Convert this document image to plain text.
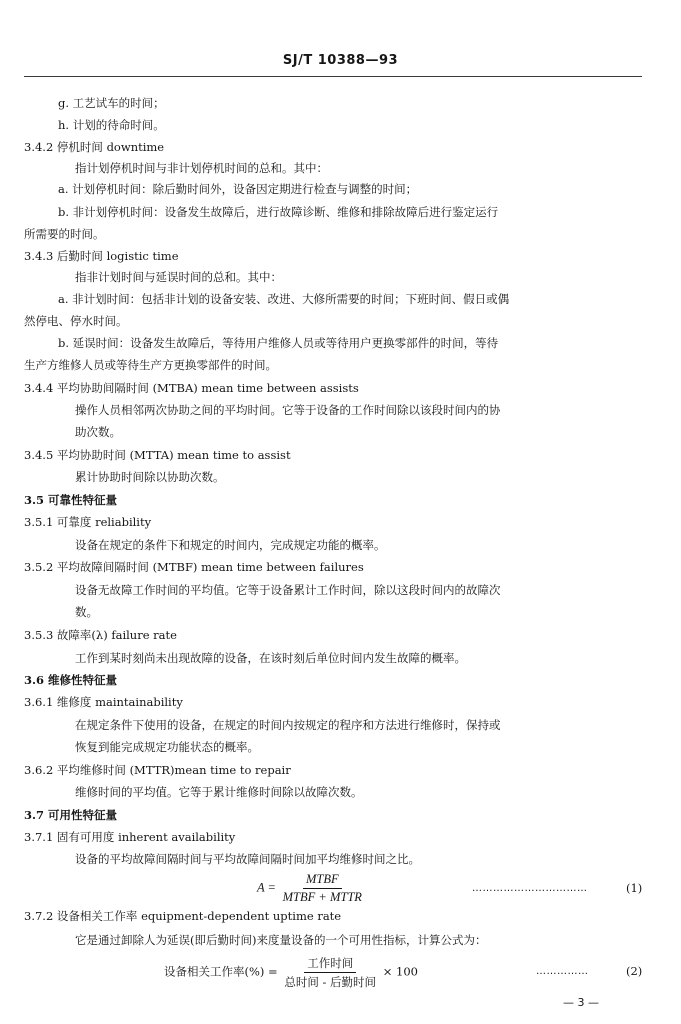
SJ/T 10388—93
g. 工艺试车的时间；
h. 计划的待命时间。
3.4.2 停机时间 downtime
指计划停机时间与非计划停机时间的总和。其中：
a. 计划停机时间：除后勤时间外，设备因定期进行检查与调整的时间；
b. 非计划停机时间：设备发生故障后，进行故障诊断、维修和排除故障后进行鉴定运行
所需要的时间。
3.4.3 后勤时间 logistic time
指非计划时间与延误时间的总和。其中：
a. 非计划时间：包括非计划的设备安装、改进、大修所需要的时间；下班时间、假日或偶
然停电、停水时间。
b. 延误时间：设备发生故障后，等待用户维修人员或等待用户更换零部件的时间，等待
生产方维修人员或等待生产方更换零部件的时间。
3.4.4 平均协助间隔时间 (MTBA) mean time between assists
操作人员相邻两次协助之间的平均时间。它等于设备的工作时间除以该段时间内的协
助次数。
3.4.5 平均协助时间 (MTTA) mean time to assist
累计协助时间除以协助次数。
3.5 可靠性特征量
3.5.1 可靠度 reliability
设备在规定的条件下和规定的时间内，完成规定功能的概率。
3.5.2 平均故障间隔时间 (MTBF) mean time between failures
设备无故障工作时间的平均值。它等于设备累计工作时间，除以这段时间内的故障次
数。
3.5.3 故障率(λ) failure rate
工作到某时刻尚未出现故障的设备，在该时刻后单位时间内发生故障的概率。
3.6 维修性特征量
3.6.1 维修度 maintainability
在规定条件下使用的设备，在规定的时间内按规定的程序和方法进行维修时，保持或
恢复到能完成规定功能状态的概率。
3.6.2 平均维修时间 (MTTR)mean time to repair
维修时间的平均值。它等于累计维修时间除以故障次数。
3.7 可用性特征量
3.7.1 固有可用度 inherent availability
设备的平均故障间隔时间与平均故障间隔时间加平均维修时间之比。
$A = \frac{\text{MTBF}}{\text{MTBF + MTTR}}$	……………………………	(1)
3.7.2 设备相关工作率 equipment-dependent uptime rate
它是通过卸除人为延误(即后勤时间)来度量设备的一个可用性指标，计算公式为：
设备相关工作率(%) = $\frac{\text{工作时间}}{\text{总时间 - 后勤时间}} \times 100$	……………	(2)
— 3 —
